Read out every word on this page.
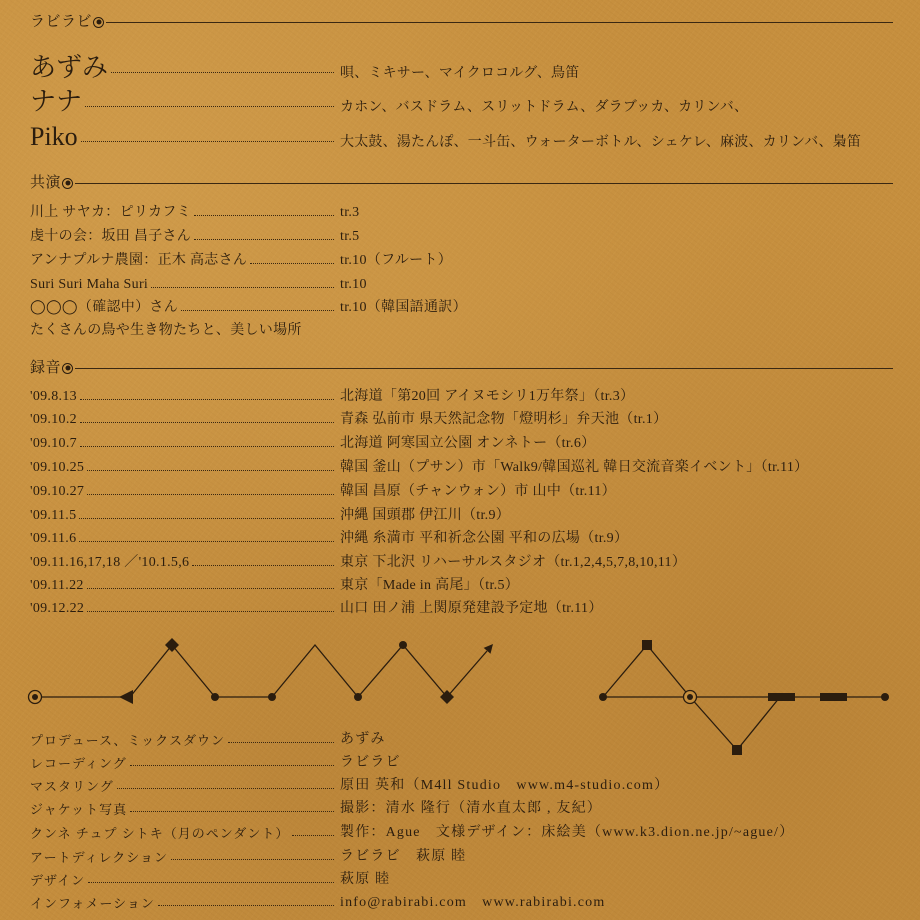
ラビラビ
あずみ	唄、ミキサー、マイクロコルグ、鳥笛
ナナ	カホン、バスドラム、スリットドラム、ダラブッカ、カリンバ、
Piko	大太鼓、湯たんぽ、一斗缶、ウォーターボトル、シェケレ、麻波、カリンバ、梟笛
共演
川上 サヤカ：ピリカフミ	tr.3
虔十の会：坂田 昌子さん	tr.5
アンナプルナ農園：正木 高志さん	tr.10（フルート）
Suri Suri Maha Suri	tr.10
◯◯◯（確認中）さん	tr.10（韓国語通訳）
たくさんの鳥や生き物たちと、美しい場所
録音
'09.8.13	北海道「第20回 アイヌモシリ1万年祭」（tr.3）
'09.10.2	青森 弘前市 県天然記念物「燈明杉」弁天池（tr.1）
'09.10.7	北海道 阿寒国立公園 オンネトー（tr.6）
'09.10.25	韓国 釜山（プサン）市「Walk9/韓国巡礼 韓日交流音楽イベント」（tr.11）
'09.10.27	韓国 昌原（チャンウォン）市 山中（tr.11）
'09.11.5	沖縄 国頭郡 伊江川（tr.9）
'09.11.6	沖縄 糸満市 平和祈念公園 平和の広場（tr.9）
'09.11.16,17,18 ／'10.1.5,6	東京 下北沢 リハーサルスタジオ（tr.1,2,4,5,7,8,10,11）
'09.11.22	東京「Made in 高尾」（tr.5）
'09.12.22	山口 田ノ浦 上関原発建設予定地（tr.11）
プロデュース、ミックスダウン	あずみ
レコーディング	ラビラビ
マスタリング	原田 英和（M4ll Studio　www.m4-studio.com）
ジャケット写真	撮影：清水 隆行（清水直太郎 , 友紀）
クンネ チュプ シトキ（月のペンダント）	製作：Ague　文様デザイン：床絵美（www.k3.dion.ne.jp/~ague/）
アートディレクション	ラビラビ　萩原 睦
デザイン	萩原 睦
インフォメーション	info@rabirabi.com　www.rabirabi.com
